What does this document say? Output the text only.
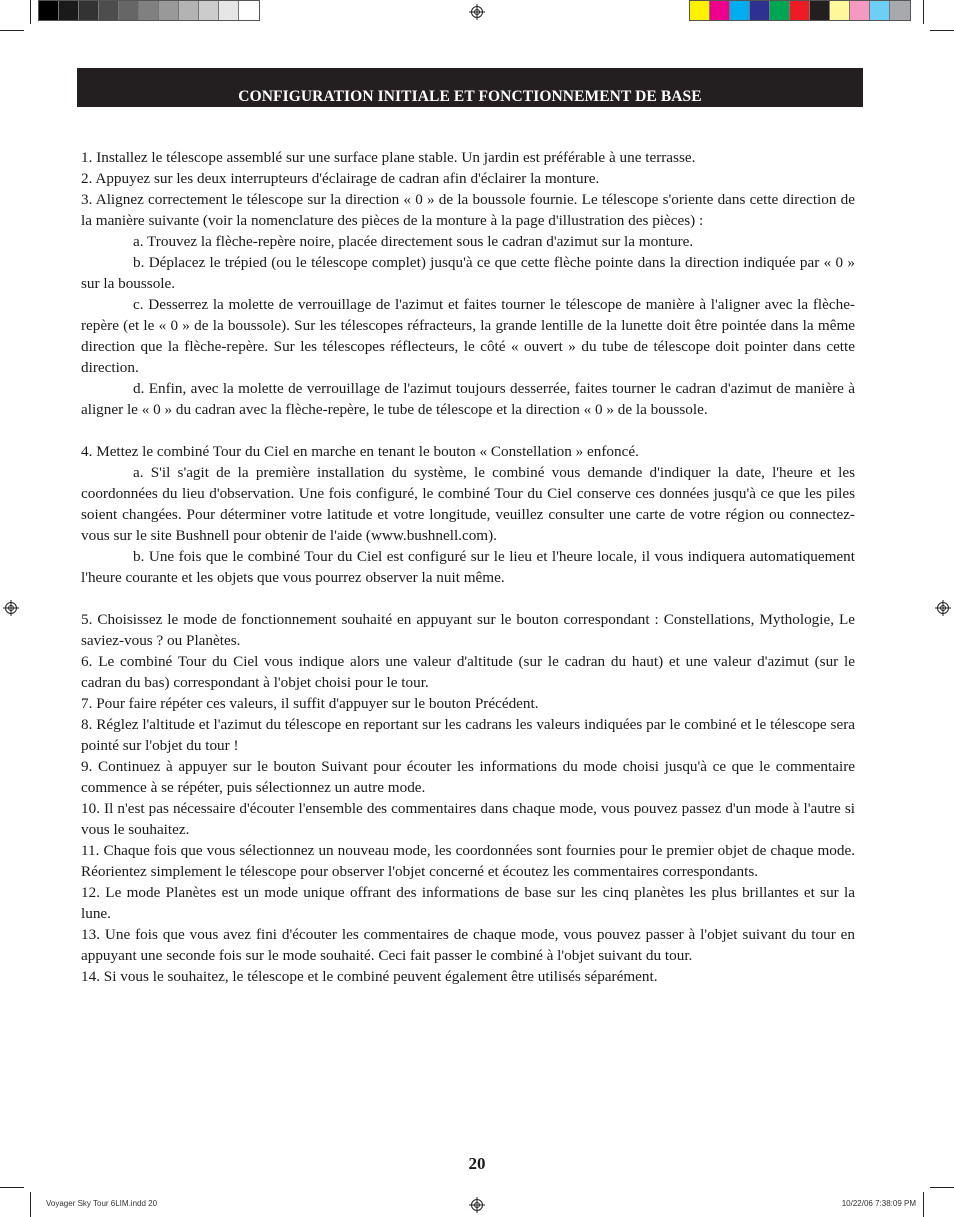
CONFIGURATION INITIALE ET FONCTIONNEMENT DE BASE

1. Installez le télescope assemblé sur une surface plane stable. Un jardin est préférable à une terrasse.

2. Appuyez sur les deux interrupteurs d'éclairage de cadran afin d'éclairer la monture.

3. Alignez correctement le télescope sur la direction « 0 » de la boussole fournie. Le télescope s'oriente dans cette direction de la manière suivante (voir la nomenclature des pièces de la monture à la page d'illustration des pièces) :

a. Trouvez la flèche-repère noire, placée directement sous le cadran d'azimut sur la monture.

b. Déplacez le trépied (ou le télescope complet) jusqu'à ce que cette flèche pointe dans la direction indiquée par « 0 » sur la boussole.

c. Desserrez la molette de verrouillage de l'azimut et faites tourner le télescope de manière à l'aligner avec la flèche-repère (et le « 0 » de la boussole). Sur les télescopes réfracteurs, la grande lentille de la lunette doit être pointée dans la même direction que la flèche-repère. Sur les télescopes réflecteurs, le côté « ouvert » du tube de télescope doit pointer dans cette direction.

d. Enfin, avec la molette de verrouillage de l'azimut toujours desserrée, faites tourner le cadran d'azimut de manière à aligner le « 0 » du cadran avec la flèche-repère, le tube de télescope et la direction « 0 » de la boussole.

4. Mettez le combiné Tour du Ciel en marche en tenant le bouton « Constellation » enfoncé.

a. S'il s'agit de la première installation du système, le combiné vous demande d'indiquer la date, l'heure et les coordonnées du lieu d'observation. Une fois configuré, le combiné Tour du Ciel conserve ces données jusqu'à ce que les piles soient changées. Pour déterminer votre latitude et votre longitude, veuillez consulter une carte de votre région ou connectez-vous sur le site Bushnell pour obtenir de l'aide (www.bushnell.com).

b. Une fois que le combiné Tour du Ciel est configuré sur le lieu et l'heure locale, il vous indiquera automatiquement l'heure courante et les objets que vous pourrez observer la nuit même.

5. Choisissez le mode de fonctionnement souhaité en appuyant sur le bouton correspondant : Constellations, Mythologie, Le saviez-vous ? ou Planètes.

6. Le combiné Tour du Ciel vous indique alors une valeur d'altitude (sur le cadran du haut) et une valeur d'azimut (sur le cadran du bas) correspondant à l'objet choisi pour le tour.

7. Pour faire répéter ces valeurs, il suffit d'appuyer sur le bouton Précédent.

8. Réglez l'altitude et l'azimut du télescope en reportant sur les cadrans les valeurs indiquées par le combiné et le télescope sera pointé sur l'objet du tour !

9. Continuez à appuyer sur le bouton Suivant pour écouter les informations du mode choisi jusqu'à ce que le commentaire commence à se répéter, puis sélectionnez un autre mode.

10. Il n'est pas nécessaire d'écouter l'ensemble des commentaires dans chaque mode, vous pouvez passez d'un mode à l'autre si vous le souhaitez.

11. Chaque fois que vous sélectionnez un nouveau mode, les coordonnées sont fournies pour le premier objet de chaque mode. Réorientez simplement le télescope pour observer l'objet concerné et écoutez les commentaires correspondants.

12. Le mode Planètes est un mode unique offrant des informations de base sur les cinq planètes les plus brillantes et sur la lune.

13. Une fois que vous avez fini d'écouter les commentaires de chaque mode, vous pouvez passer à l'objet suivant du tour en appuyant une seconde fois sur le mode souhaité. Ceci fait passer le combiné à l'objet suivant du tour.

14. Si vous le souhaitez, le télescope et le combiné peuvent également être utilisés séparément.

20
Voyager Sky Tour 6LIM.indd 20	10/22/06 7:38:09 PM
